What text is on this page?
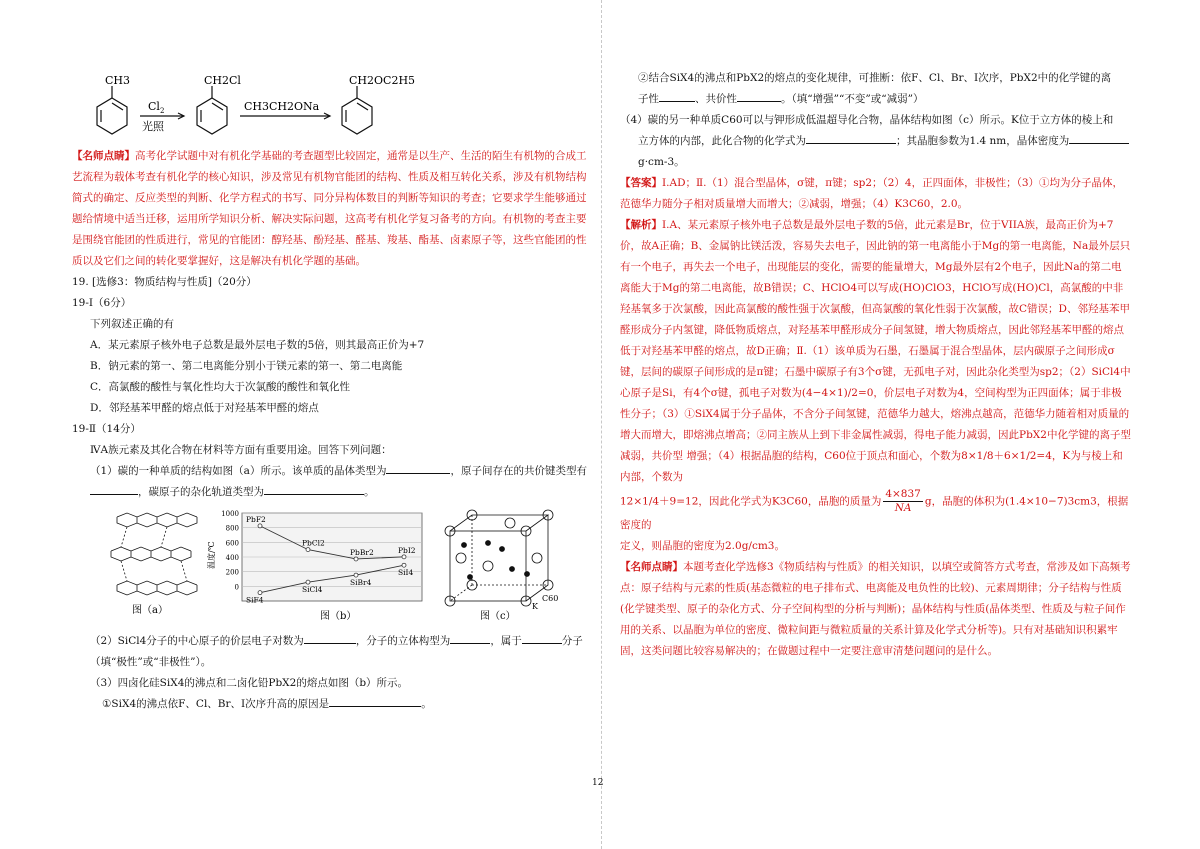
CH3	CH2Cl	CH2OC2H5
$Cl_2$
光照
CH3CH2ONa

【名师点睛】高考化学试题中对有机化学基础的考查题型比较固定，通常是以生产、生活的陌生有机物的合成工艺流程为载体考查有机化学的核心知识，涉及常见有机物官能团的结构、性质及相互转化关系，涉及有机物结构简式的确定、反应类型的判断、化学方程式的书写、同分异构体数目的判断等知识的考查；它要求学生能够通过题给情境中适当迁移，运用所学知识分析、解决实际问题，这高考有机化学复习备考的方向。有机物的考查主要是围绕官能团的性质进行，常见的官能团：醇羟基、酚羟基、醛基、羧基、酯基、卤素原子等，这些官能团的性质以及它们之间的转化要掌握好，这是解决有机化学题的基础。

19. [选修3：物质结构与性质]（20分）

19-Ⅰ（6分）

下列叙述正确的有

A．某元素原子核外电子总数是最外层电子数的5倍，则其最高正价为+7

B．钠元素的第一、第二电离能分别小于镁元素的第一、第二电离能

C．高氯酸的酸性与氧化性均大于次氯酸的酸性和氧化性

D．邻羟基苯甲醛的熔点低于对羟基苯甲醛的熔点

19-Ⅱ（14分）

ⅣA族元素及其化合物在材料等方面有重要用途。回答下列问题：

（1）碳的一种单质的结构如图（a）所示。该单质的晶体类型为	，原子间存在的共价键类型有
，碳原子的杂化轨道类型为	。

图（a）
1000
800
600
400
200
0
温度/℃
PbF2
PbCl2
PbBr2	PbI2
SiF4
SiCl4
SiBr4
SiI4
图（b）
K
C60
图（c）

（2）SiCl4分子的中心原子的价层电子对数为	，分子的立体构型为	，属于	分子

（填“极性”或“非极性”）。

（3）四卤化硅SiX4的沸点和二卤化铅PbX2的熔点如图（b）所示。

①SiX4的沸点依F、Cl、Br、I次序升高的原因是	。

②结合SiX4的沸点和PbX2的熔点的变化规律，可推断：依F、Cl、Br、I次序，PbX2中的化学键的离
子性	、共价性	。（填“增强”“不变”或“减弱”）

（4）碳的另一种单质C60可以与钾形成低温超导化合物，晶体结构如图（c）所示。K位于立方体的棱上和
立方体的内部，此化合物的化学式为	；其晶胞参数为1.4 nm，晶体密度为
g·cm-3。

【答案】Ⅰ.AD；Ⅱ.（1）混合型晶体，σ键，π键；sp2；（2）4，正四面体，非极性；（3）①均为分子晶体，范德华力随分子相对质量增大而增大；②减弱，增强；（4）K3C60，2.0。

【解析】Ⅰ.A、某元素原子核外电子总数是最外层电子数的5倍，此元素是Br，位于VIIA族，最高正价为+7价，故A正确；B、金属钠比镁活泼，容易失去电子，因此钠的第一电离能小于Mg的第一电离能，Na最外层只有一个电子，再失去一个电子，出现能层的变化，需要的能量增大，Mg最外层有2个电子，因此Na的第二电离能大于Mg的第二电离能，故B错误；C、HClO4可以写成(HO)ClO3，HClO写成(HO)Cl，高氯酸的中非羟基氧多于次氯酸，因此高氯酸的酸性强于次氯酸，但高氯酸的氧化性弱于次氯酸，故C错误；D、邻羟基苯甲醛形成分子内氢键，降低物质熔点，对羟基苯甲醛形成分子间氢键，增大物质熔点，因此邻羟基苯甲醛的熔点低于对羟基苯甲醛的熔点，故D正确；Ⅱ.（1）该单质为石墨，石墨属于混合型晶体，层内碳原子之间形成σ键，层间的碳原子间形成的是π键；石墨中碳原子有3个σ键，无孤电子对，因此杂化类型为sp2；（2）SiCl4中心原子是Si，有4个σ键，孤电子对数为(4−4×1)/2=0，价层电子对数为4，空间构型为正四面体；属于非极性分子；（3）①SiX4属于分子晶体，不含分子间氢键，范德华力越大，熔沸点越高，范德华力随着相对质量的增大而增大，即熔沸点增高；②同主族从上到下非金属性减弱，得电子能力减弱，因此PbX2中化学键的离子型减弱，共价型 增强；（4）根据晶胞的结构，C60位于顶点和面心，个数为8×1/8＋6×1/2=4，K为与棱上和内部，个数为

12×1/4＋9=12，因此化学式为K3C60，晶胞的质量为 $\frac{4\times 837}{NA}$ g，晶胞的体积为(1.4×10−7)3cm3，根据密度的

定义，则晶胞的密度为2.0g/cm3。

【名师点睛】本题考查化学选修3《物质结构与性质》的相关知识，以填空或简答方式考查，常涉及如下高频考点：原子结构与元素的性质(基态微粒的电子排布式、电离能及电负性的比较)、元素周期律；分子结构与性质(化学键类型、原子的杂化方式、分子空间构型的分析与判断)；晶体结构与性质(晶体类型、性质及与粒子间作用的关系、以晶胞为单位的密度、微粒间距与微粒质量的关系计算及化学式分析等)。只有对基础知识积累牢固，这类问题比较容易解决的；在做题过程中一定要注意审清楚问题问的是什么。

12
